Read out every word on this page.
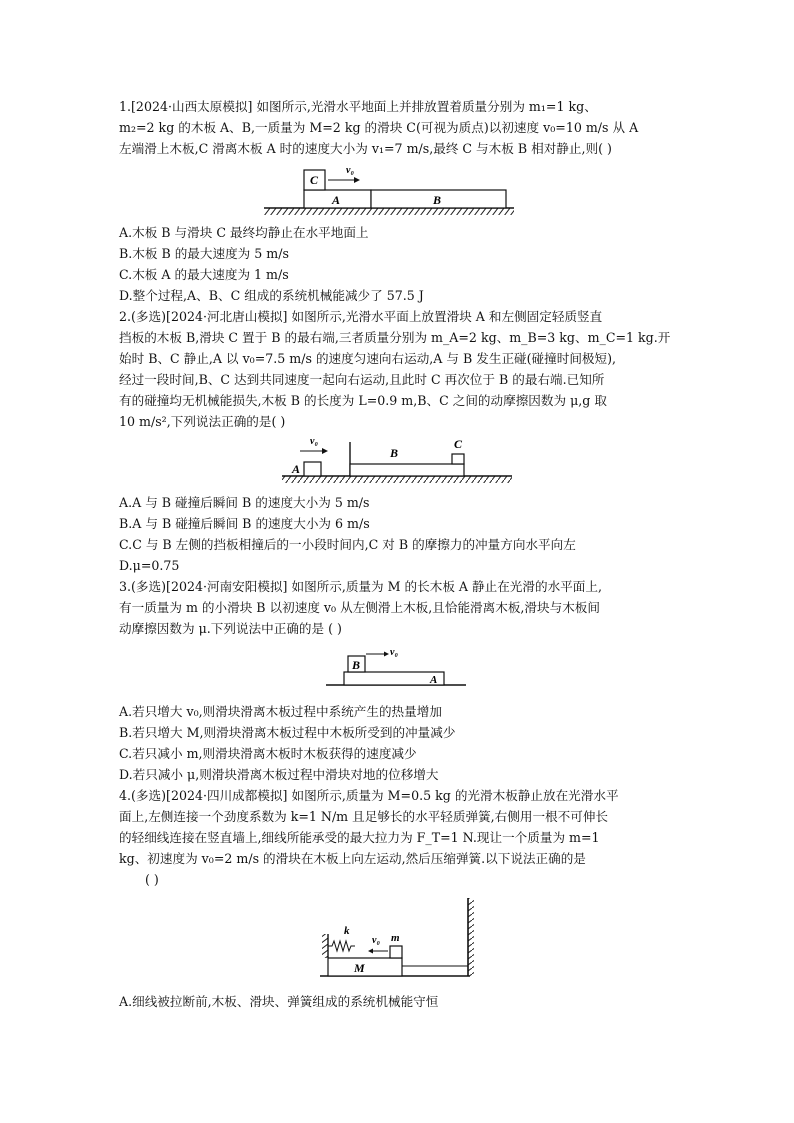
1.[2024·山西太原模拟] 如图所示,光滑水平地面上并排放置着质量分别为 m₁=1 kg、
m₂=2 kg 的木板 A、B,一质量为 M=2 kg 的滑块 C(可视为质点)以初速度 v₀=10 m/s 从 A
左端滑上木板,C 滑离木板 A 时的速度大小为 v₁=7 m/s,最终 C 与木板 B 相对静止,则( )
C
v₀
A	B
A.木板 B 与滑块 C 最终均静止在水平地面上
B.木板 B 的最大速度为 5 m/s
C.木板 A 的最大速度为 1 m/s
D.整个过程,A、B、C 组成的系统机械能减少了 57.5 J
2.(多选)[2024·河北唐山模拟] 如图所示,光滑水平面上放置滑块 A 和左侧固定轻质竖直
挡板的木板 B,滑块 C 置于 B 的最右端,三者质量分别为 m_A=2 kg、m_B=3 kg、m_C=1 kg.开
始时 B、C 静止,A 以 v₀=7.5 m/s 的速度匀速向右运动,A 与 B 发生正碰(碰撞时间极短),
经过一段时间,B、C 达到共同速度一起向右运动,且此时 C 再次位于 B 的最右端.已知所
有的碰撞均无机械能损失,木板 B 的长度为 L=0.9 m,B、C 之间的动摩擦因数为 μ,g 取
10 m/s²,下列说法正确的是( )
A
v₀
B
C
A.A 与 B 碰撞后瞬间 B 的速度大小为 5 m/s
B.A 与 B 碰撞后瞬间 B 的速度大小为 6 m/s
C.C 与 B 左侧的挡板相撞后的一小段时间内,C 对 B 的摩擦力的冲量方向水平向左
D.μ=0.75
3.(多选)[2024·河南安阳模拟] 如图所示,质量为 M 的长木板 A 静止在光滑的水平面上,
有一质量为 m 的小滑块 B 以初速度 v₀ 从左侧滑上木板,且恰能滑离木板,滑块与木板间
动摩擦因数为 μ.下列说法中正确的是 ( )
A
B
v₀
A.若只增大 v₀,则滑块滑离木板过程中系统产生的热量增加
B.若只增大 M,则滑块滑离木板过程中木板所受到的冲量减少
C.若只减小 m,则滑块滑离木板时木板获得的速度减少
D.若只减小 μ,则滑块滑离木板过程中滑块对地的位移增大
4.(多选)[2024·四川成都模拟] 如图所示,质量为 M=0.5 kg 的光滑木板静止放在光滑水平
面上,左侧连接一个劲度系数为 k=1 N/m 且足够长的水平轻质弹簧,右侧用一根不可伸长
的轻细线连接在竖直墙上,细线所能承受的最大拉力为 F_T=1 N.现让一个质量为 m=1
kg、初速度为 v₀=2 m/s 的滑块在木板上向左运动,然后压缩弹簧.以下说法正确的是
( )
k
M
m
v₀
A.细线被拉断前,木板、滑块、弹簧组成的系统机械能守恒
